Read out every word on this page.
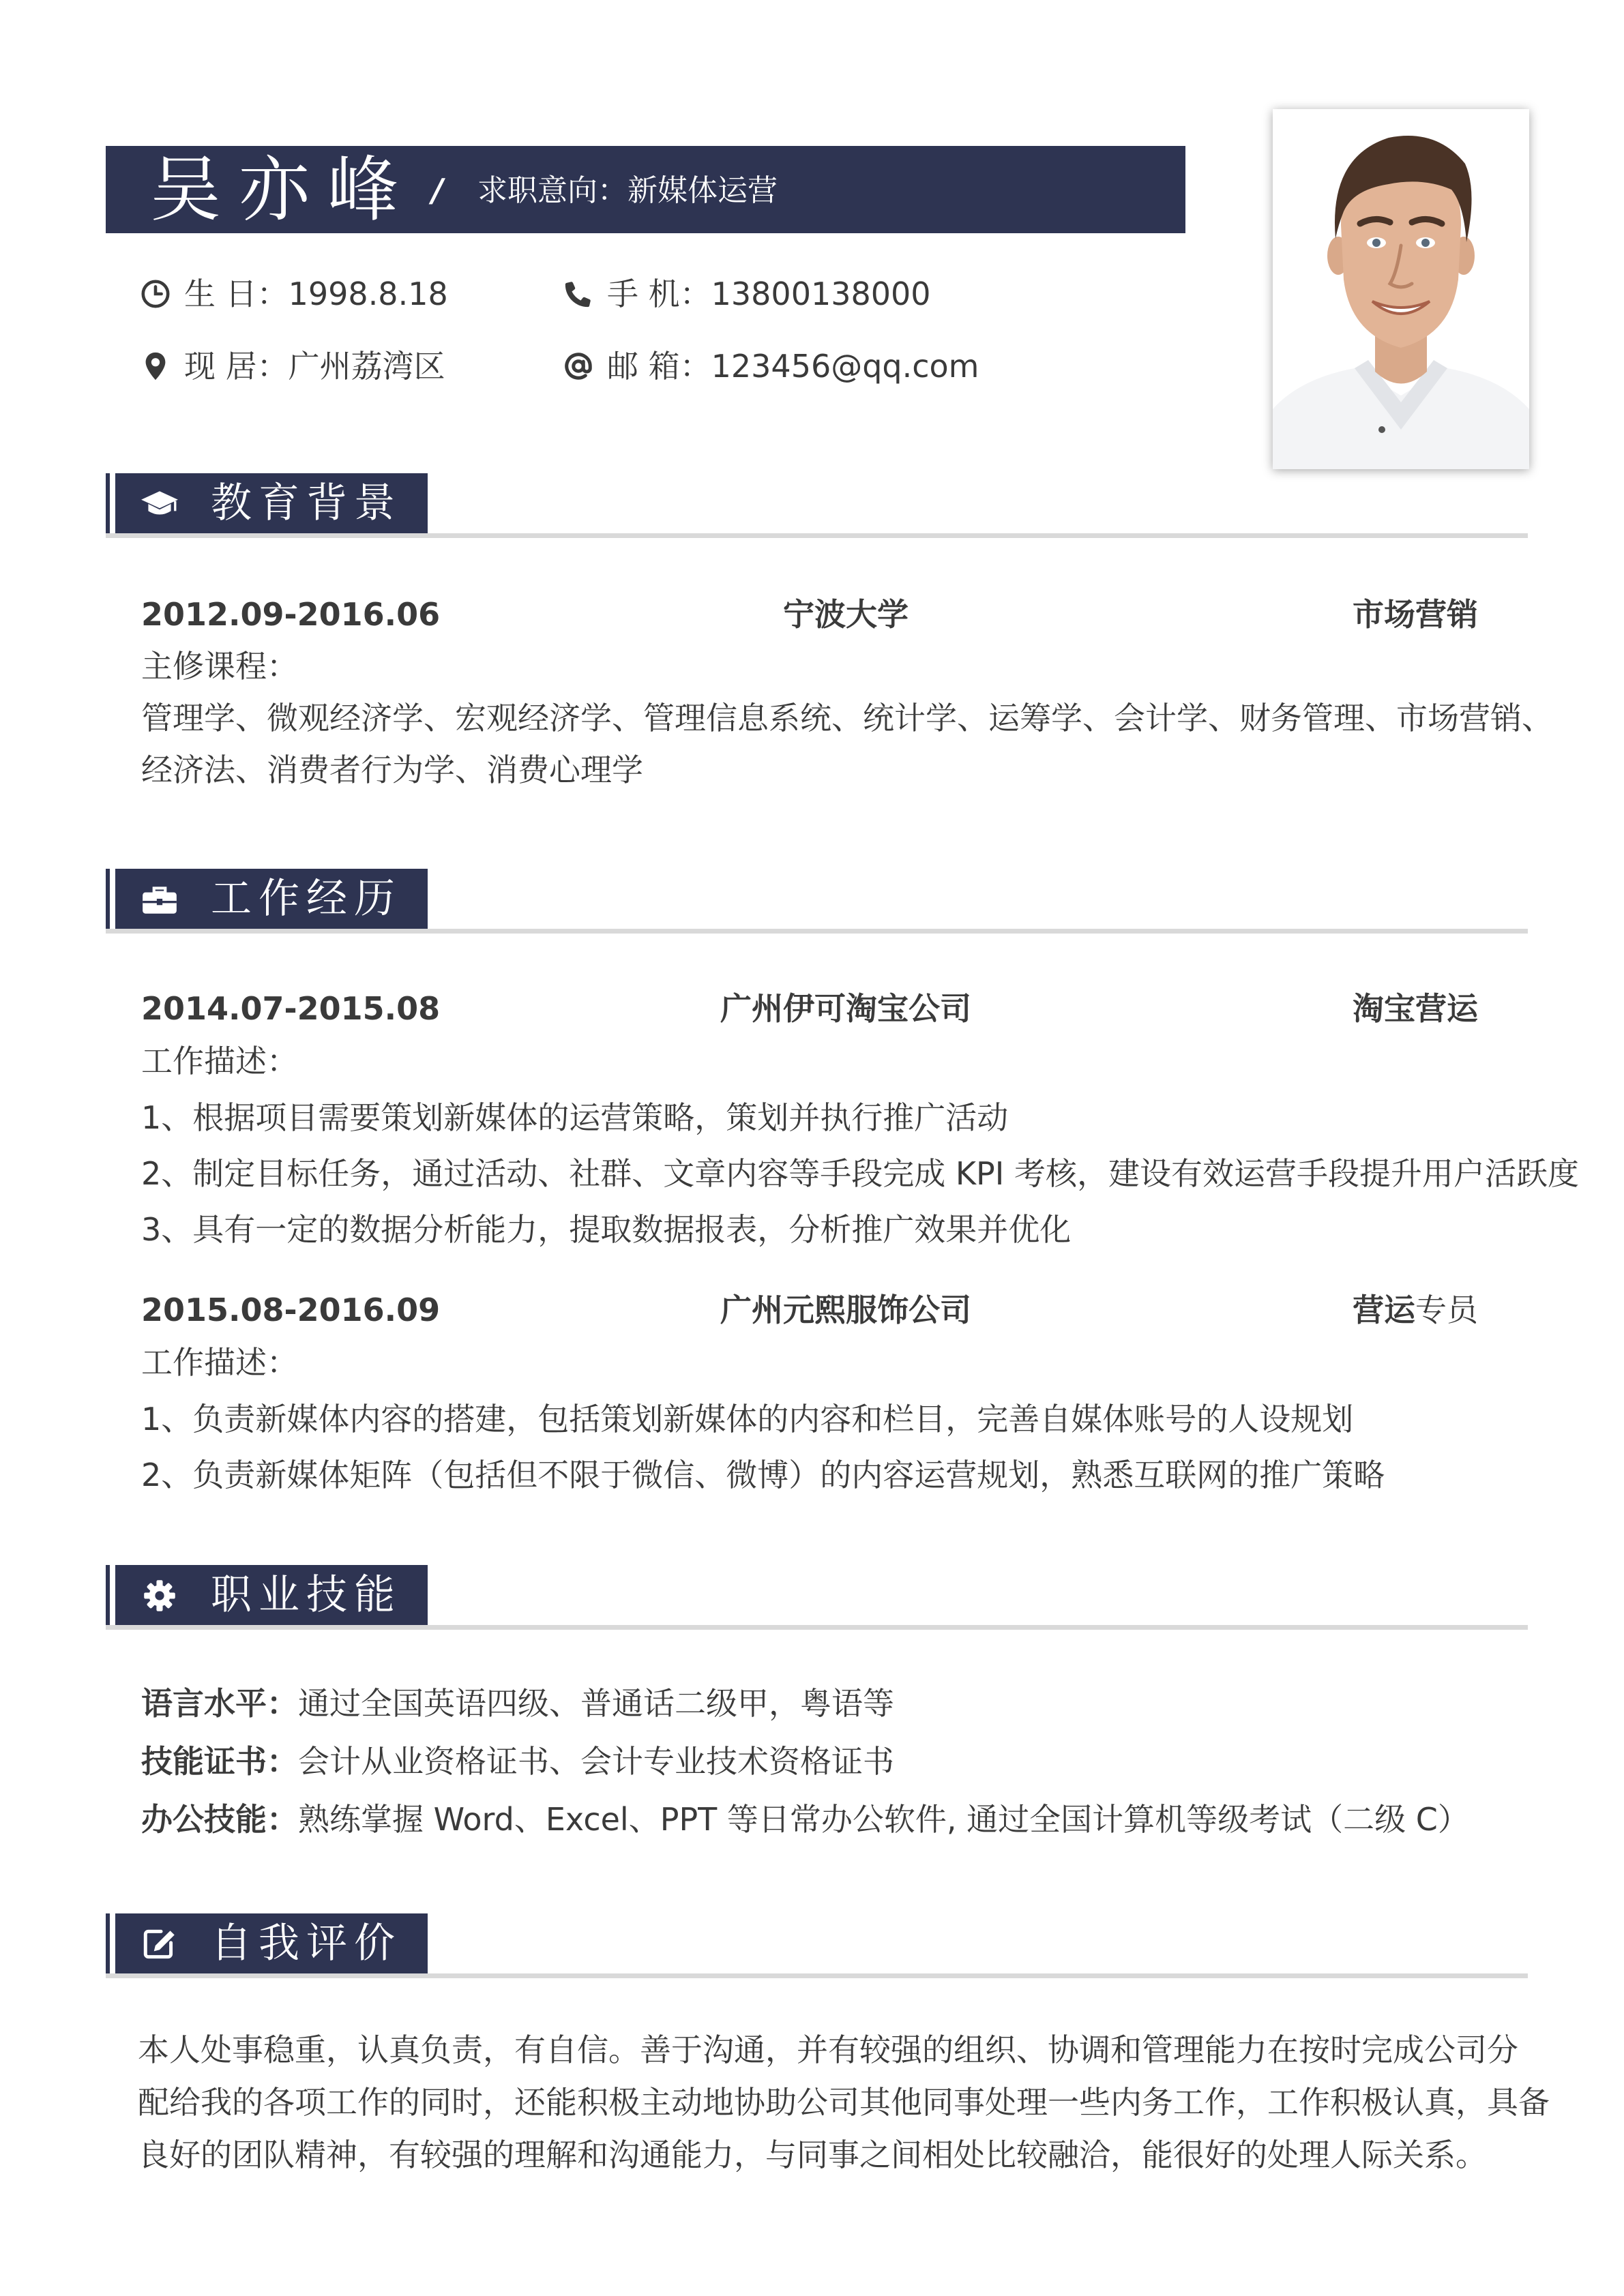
吴亦峰 / 求职意向：新媒体运营
生 日：1998.8.18	手 机：13800138000
现 居：广州荔湾区	邮 箱：123456@qq.com
教育背景
2012.09-2016.06	宁波大学	市场营销
主修课程：
管理学、微观经济学、宏观经济学、管理信息系统、统计学、运筹学、会计学、财务管理、市场营销、
经济法、消费者行为学、消费心理学
工作经历
2014.07-2015.08	广州伊可淘宝公司	淘宝营运
工作描述：
1、根据项目需要策划新媒体的运营策略，策划并执行推广活动
2、制定目标任务，通过活动、社群、文章内容等手段完成 KPI 考核，建设有效运营手段提升用户活跃度
3、具有一定的数据分析能力，提取数据报表，分析推广效果并优化
2015.08-2016.09	广州元熙服饰公司	营运专员
工作描述：
1、负责新媒体内容的搭建，包括策划新媒体的内容和栏目，完善自媒体账号的人设规划
2、负责新媒体矩阵（包括但不限于微信、微博）的内容运营规划，熟悉互联网的推广策略
职业技能
语言水平：通过全国英语四级、普通话二级甲，粤语等
技能证书：会计从业资格证书、会计专业技术资格证书
办公技能：熟练掌握 Word、Excel、PPT 等日常办公软件, 通过全国计算机等级考试（二级 C）
自我评价
本人处事稳重，认真负责，有自信。善于沟通，并有较强的组织、协调和管理能力在按时完成公司分
配给我的各项工作的同时，还能积极主动地协助公司其他同事处理一些内务工作，工作积极认真，具备
良好的团队精神，有较强的理解和沟通能力，与同事之间相处比较融洽，能很好的处理人际关系。
